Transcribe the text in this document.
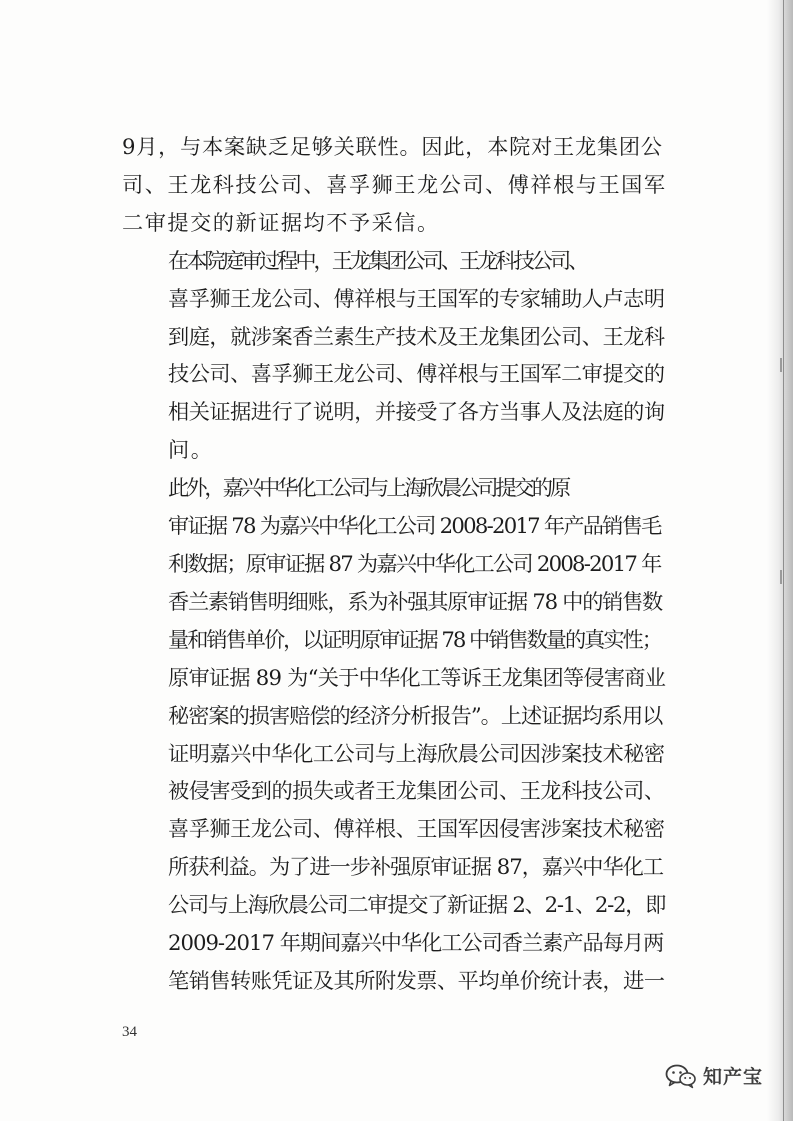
9月，与本案缺乏足够关联性。因此，本院对王龙集团公
司、王龙科技公司、喜孚狮王龙公司、傅祥根与王国军
二审提交的新证据均不予采信。

在本院庭审过程中，王龙集团公司、王龙科技公司、
喜孚狮王龙公司、傅祥根与王国军的专家辅助人卢志明
到庭，就涉案香兰素生产技术及王龙集团公司、王龙科
技公司、喜孚狮王龙公司、傅祥根与王国军二审提交的
相关证据进行了说明，并接受了各方当事人及法庭的询
问。

此外，嘉兴中华化工公司与上海欣晨公司提交的原
审证据 78 为嘉兴中华化工公司 2008-2017 年产品销售毛
利数据；原审证据 87 为嘉兴中华化工公司 2008-2017 年
香兰素销售明细账，系为补强其原审证据 78 中的销售数
量和销售单价，以证明原审证据 78 中销售数量的真实性；
原审证据 89 为“关于中华化工等诉王龙集团等侵害商业
秘密案的损害赔偿的经济分析报告”。上述证据均系用以
证明嘉兴中华化工公司与上海欣晨公司因涉案技术秘密
被侵害受到的损失或者王龙集团公司、王龙科技公司、
喜孚狮王龙公司、傅祥根、王国军因侵害涉案技术秘密
所获利益。为了进一步补强原审证据 87，嘉兴中华化工
公司与上海欣晨公司二审提交了新证据 2、2-1、2-2，即
2009-2017 年期间嘉兴中华化工公司香兰素产品每月两
笔销售转账凭证及其所附发票、平均单价统计表，进一

34
知产宝
